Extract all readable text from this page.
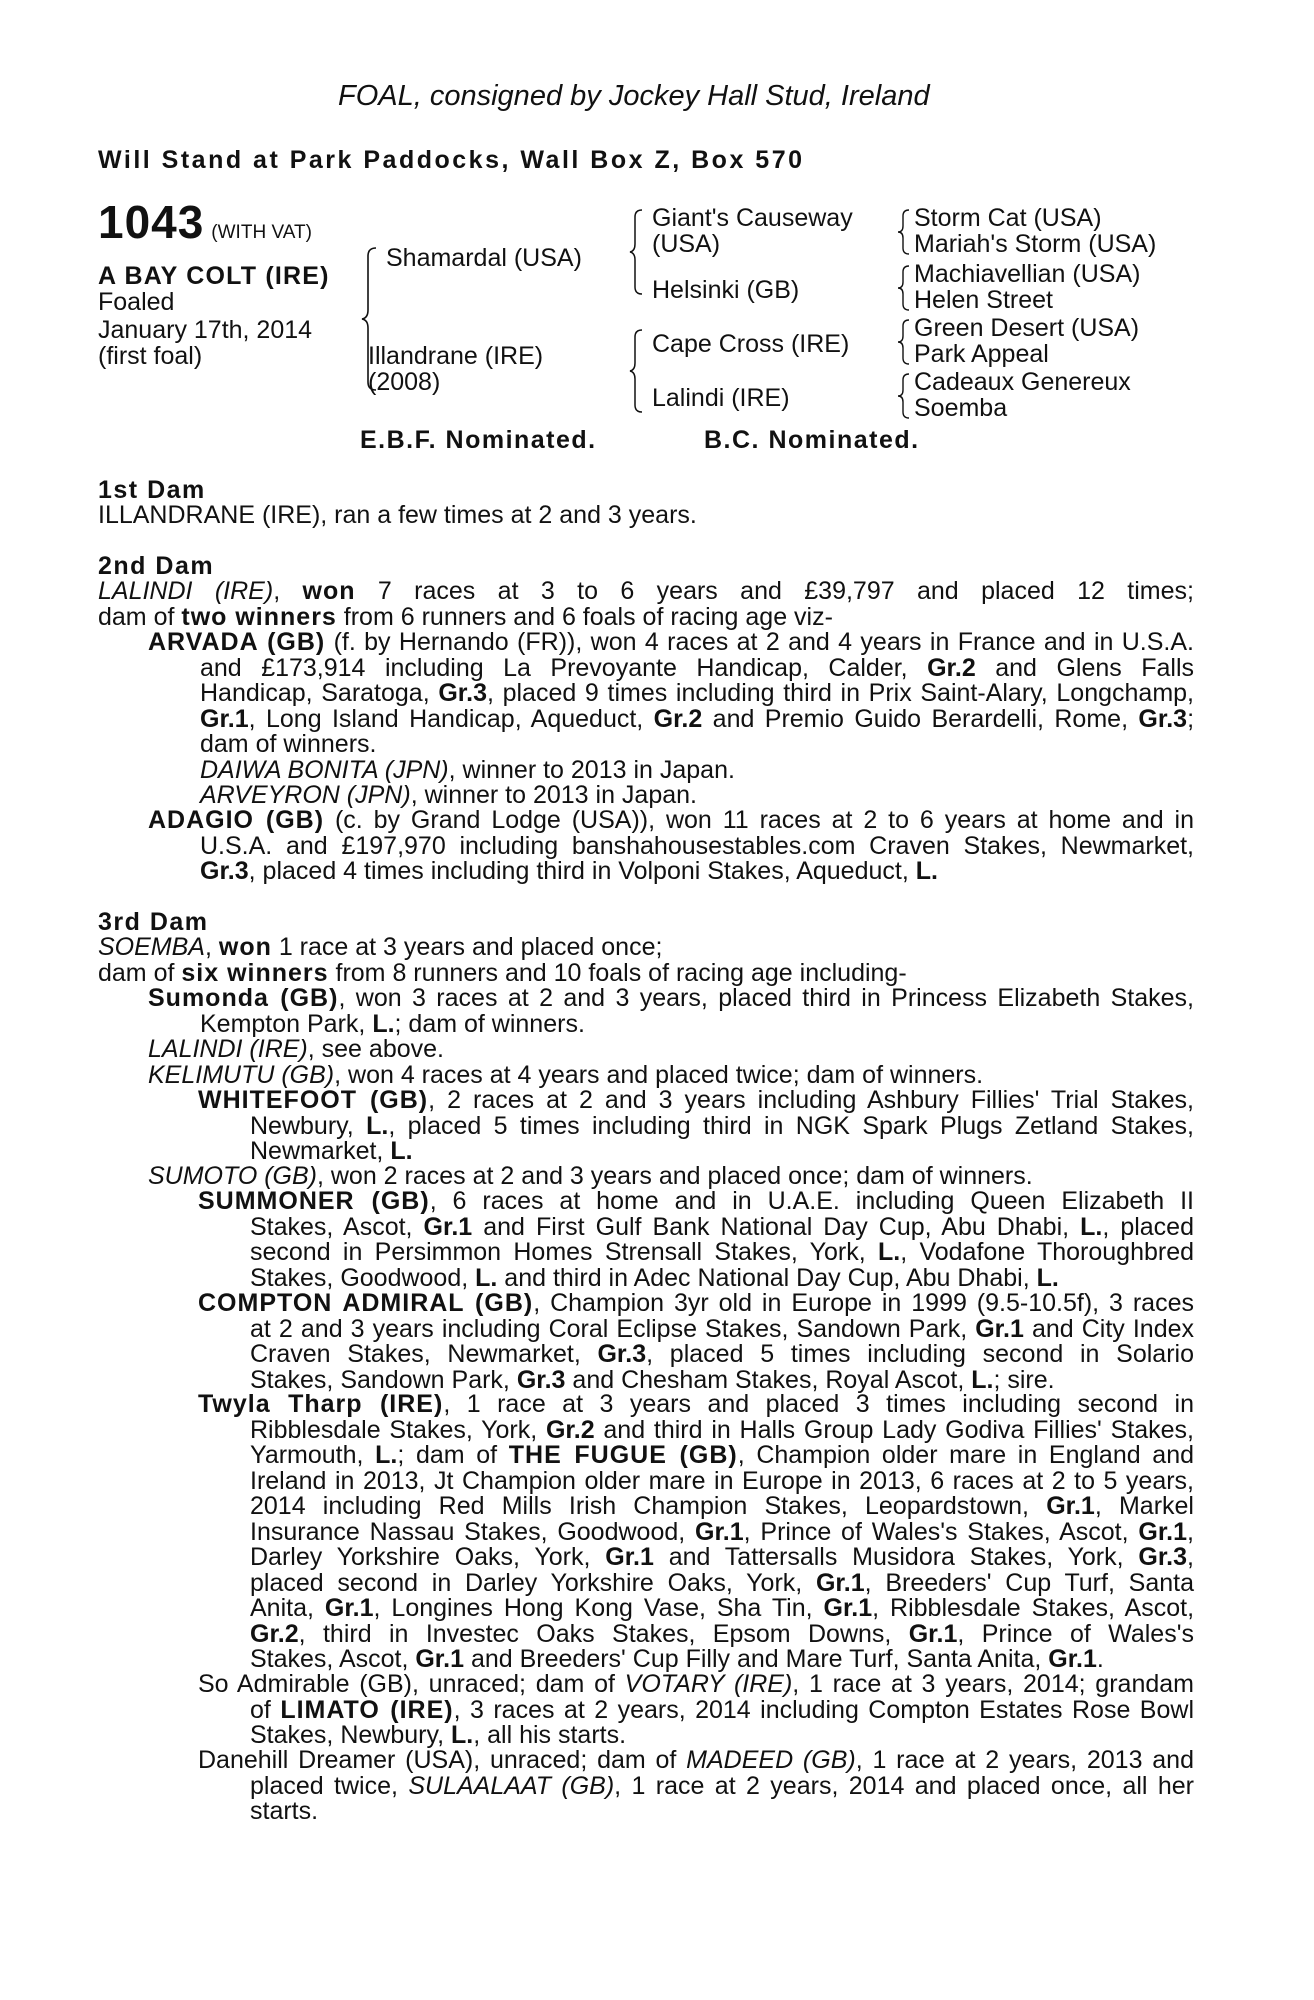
FOAL, consigned by Jockey Hall Stud, Ireland
Will Stand at Park Paddocks, Wall Box Z, Box 570
1043 (WITH VAT)
A BAY COLT (IRE)
Foaled
January 17th, 2014
(first foal)
Shamardal (USA)
Illandrane (IRE)
(2008)
Giant's Causeway
(USA)
Helsinki (GB)
Cape Cross (IRE)
Lalindi (IRE)
Storm Cat (USA)
Mariah's Storm (USA)
Machiavellian (USA)
Helen Street
Green Desert (USA)
Park Appeal
Cadeaux Genereux
Soemba
E.B.F. Nominated.	B.C. Nominated.
1st Dam
ILLANDRANE (IRE), ran a few times at 2 and 3 years.
2nd Dam
LALINDI (IRE), won 7 races at 3 to 6 years and £39,797 and placed 12 times;
dam of two winners from 6 runners and 6 foals of racing age viz-
ARVADA (GB) (f. by Hernando (FR)), won 4 races at 2 and 4 years in France and in U.S.A.
and £173,914 including La Prevoyante Handicap, Calder, Gr.2 and Glens Falls
Handicap, Saratoga, Gr.3, placed 9 times including third in Prix Saint-Alary, Longchamp,
Gr.1, Long Island Handicap, Aqueduct, Gr.2 and Premio Guido Berardelli, Rome, Gr.3;
dam of winners.
DAIWA BONITA (JPN), winner to 2013 in Japan.
ARVEYRON (JPN), winner to 2013 in Japan.
ADAGIO (GB) (c. by Grand Lodge (USA)), won 11 races at 2 to 6 years at home and in
U.S.A. and £197,970 including banshahousestables.com Craven Stakes, Newmarket,
Gr.3, placed 4 times including third in Volponi Stakes, Aqueduct, L.
3rd Dam
SOEMBA, won 1 race at 3 years and placed once;
dam of six winners from 8 runners and 10 foals of racing age including-
Sumonda (GB), won 3 races at 2 and 3 years, placed third in Princess Elizabeth Stakes,
Kempton Park, L.; dam of winners.
LALINDI (IRE), see above.
KELIMUTU (GB), won 4 races at 4 years and placed twice; dam of winners.
WHITEFOOT (GB), 2 races at 2 and 3 years including Ashbury Fillies' Trial Stakes,
Newbury, L., placed 5 times including third in NGK Spark Plugs Zetland Stakes,
Newmarket, L.
SUMOTO (GB), won 2 races at 2 and 3 years and placed once; dam of winners.
SUMMONER (GB), 6 races at home and in U.A.E. including Queen Elizabeth II
Stakes, Ascot, Gr.1 and First Gulf Bank National Day Cup, Abu Dhabi, L., placed
second in Persimmon Homes Strensall Stakes, York, L., Vodafone Thoroughbred
Stakes, Goodwood, L. and third in Adec National Day Cup, Abu Dhabi, L.
COMPTON ADMIRAL (GB), Champion 3yr old in Europe in 1999 (9.5-10.5f), 3 races
at 2 and 3 years including Coral Eclipse Stakes, Sandown Park, Gr.1 and City Index
Craven Stakes, Newmarket, Gr.3, placed 5 times including second in Solario
Stakes, Sandown Park, Gr.3 and Chesham Stakes, Royal Ascot, L.; sire.
Twyla Tharp (IRE), 1 race at 3 years and placed 3 times including second in
Ribblesdale Stakes, York, Gr.2 and third in Halls Group Lady Godiva Fillies' Stakes,
Yarmouth, L.; dam of THE FUGUE (GB), Champion older mare in England and
Ireland in 2013, Jt Champion older mare in Europe in 2013, 6 races at 2 to 5 years,
2014 including Red Mills Irish Champion Stakes, Leopardstown, Gr.1, Markel
Insurance Nassau Stakes, Goodwood, Gr.1, Prince of Wales's Stakes, Ascot, Gr.1,
Darley Yorkshire Oaks, York, Gr.1 and Tattersalls Musidora Stakes, York, Gr.3,
placed second in Darley Yorkshire Oaks, York, Gr.1, Breeders' Cup Turf, Santa
Anita, Gr.1, Longines Hong Kong Vase, Sha Tin, Gr.1, Ribblesdale Stakes, Ascot,
Gr.2, third in Investec Oaks Stakes, Epsom Downs, Gr.1, Prince of Wales's
Stakes, Ascot, Gr.1 and Breeders' Cup Filly and Mare Turf, Santa Anita, Gr.1.
So Admirable (GB), unraced; dam of VOTARY (IRE), 1 race at 3 years, 2014; grandam
of LIMATO (IRE), 3 races at 2 years, 2014 including Compton Estates Rose Bowl
Stakes, Newbury, L., all his starts.
Danehill Dreamer (USA), unraced; dam of MADEED (GB), 1 race at 2 years, 2013 and
placed twice, SULAALAAT (GB), 1 race at 2 years, 2014 and placed once, all her
starts.
